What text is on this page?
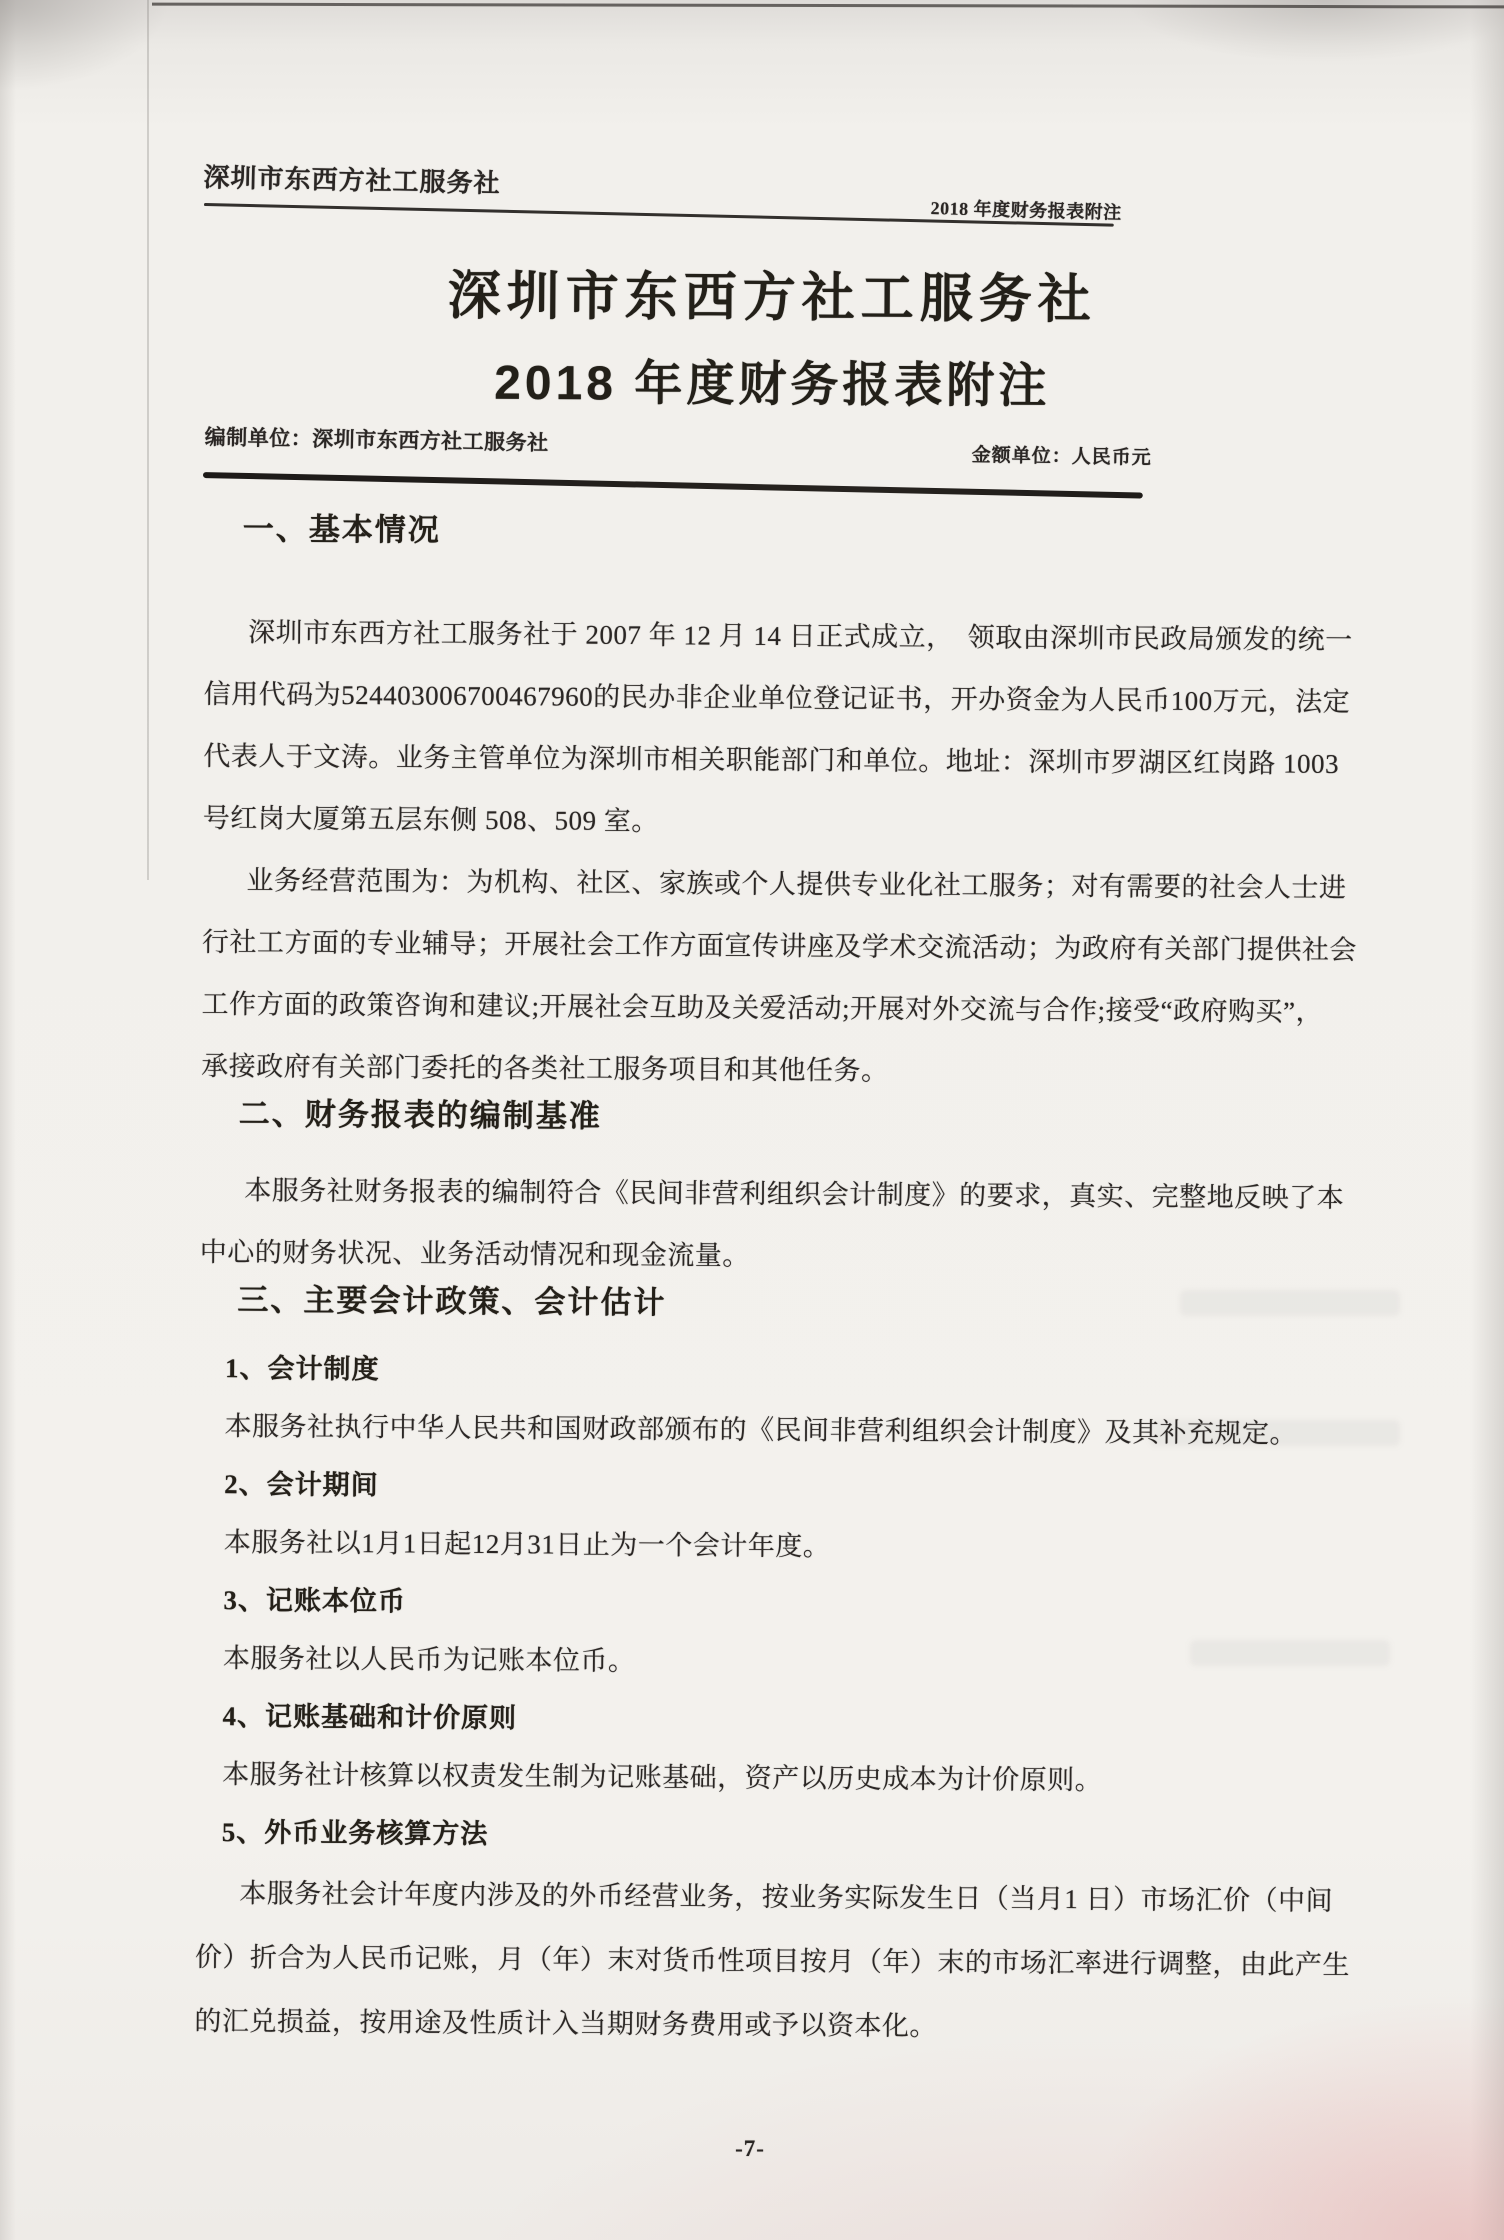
深圳市东西方社工服务社
2018 年度财务报表附注
深圳市东西方社工服务社
2018 年度财务报表附注
编制单位：深圳市东西方社工服务社
金额单位：人民币元
一、基本情况
深圳市东西方社工服务社于 2007 年 12 月 14 日正式成立，　领取由深圳市民政局颁发的统一
信用代码为524403006700467960的民办非企业单位登记证书，开办资金为人民币100万元，法定
代表人于文涛。业务主管单位为深圳市相关职能部门和单位。地址：深圳市罗湖区红岗路 1003
号红岗大厦第五层东侧 508、509 室。
业务经营范围为：为机构、社区、家族或个人提供专业化社工服务；对有需要的社会人士进
行社工方面的专业辅导；开展社会工作方面宣传讲座及学术交流活动；为政府有关部门提供社会
工作方面的政策咨询和建议;开展社会互助及关爱活动;开展对外交流与合作;接受“政府购买”，
承接政府有关部门委托的各类社工服务项目和其他任务。
二、财务报表的编制基准
本服务社财务报表的编制符合《民间非营利组织会计制度》的要求，真实、完整地反映了本
中心的财务状况、业务活动情况和现金流量。
三、主要会计政策、会计估计
1、会计制度
本服务社执行中华人民共和国财政部颁布的《民间非营利组织会计制度》及其补充规定。
2、会计期间
本服务社以1月1日起12月31日止为一个会计年度。
3、记账本位币
本服务社以人民币为记账本位币。
4、记账基础和计价原则
本服务社计核算以权责发生制为记账基础，资产以历史成本为计价原则。
5、外币业务核算方法
本服务社会计年度内涉及的外币经营业务，按业务实际发生日（当月1 日）市场汇价（中间
价）折合为人民币记账，月（年）末对货币性项目按月（年）末的市场汇率进行调整，由此产生
的汇兑损益，按用途及性质计入当期财务费用或予以资本化。
-7-
